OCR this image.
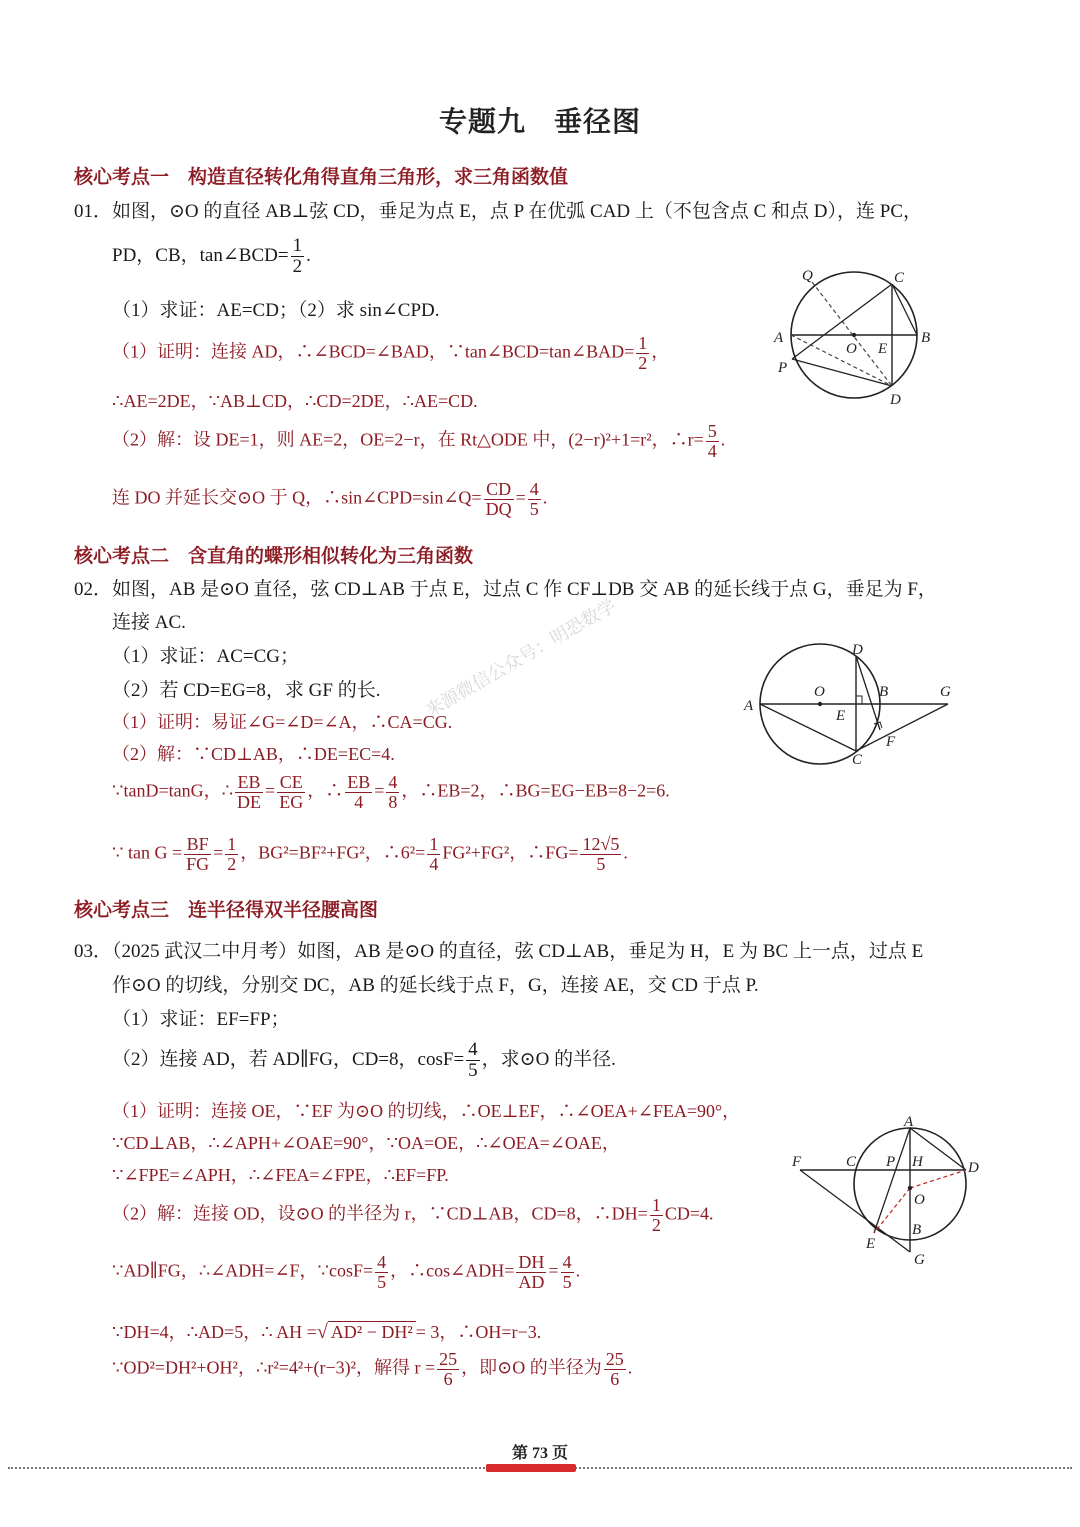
专题九 垂径图
来源微信公众号：明恐数学
核心考点一　构造直径转化角得直角三角形，求三角函数值
01．如图，⊙O 的直径 AB⊥弦 CD，垂足为点 E，点 P 在优弧 CAD 上（不包含点 C 和点 D），连 PC，
PD，CB，tan∠BCD= $\frac{1}{2}$ .
（1）求证：AE=CD；（2）求 sin∠CPD.
（1）证明：连接 AD，∴∠BCD=∠BAD，∵tan∠BCD=tan∠BAD= $\frac{1}{2}$ ，
∴AE=2DE，∵AB⊥CD，∴CD=2DE，∴AE=CD.
（2）解：设 DE=1，则 AE=2，OE=2−r，在 Rt△ODE 中，(2−r)²+1=r²，∴r= $\frac{5}{4}$ .
连 DO 并延长交⊙O 于 Q，∴sin∠CPD=sin∠Q= $\frac{CD}{DQ} = \frac{4}{5}$ .
Q	C
A	B
O E
P
D
核心考点二　含直角的蝶形相似转化为三角函数
02．如图，AB 是⊙O 直径，弦 CD⊥AB 于点 E，过点 C 作 CF⊥DB 交 AB 的延长线于点 G，垂足为 F，
连接 AC.
（1）求证：AC=CG；
（2）若 CD=EG=8，求 GF 的长.
（1）证明：易证∠G=∠D=∠A，∴CA=CG.
（2）解：∵CD⊥AB，∴DE=EC=4.
∵tanD=tanG，∴ $\frac{EB}{DE} = \frac{CE}{EG}$ ，∴ $\frac{EB}{4} = \frac{4}{8}$ ，∴EB=2，∴BG=EG−EB=8−2=6.
∵ $\tan G = \frac{BF}{FG} = \frac{1}{2}$ ，BG²=BF²+FG²，∴6²= $\frac{1}{4} FG^2+FG^2$，∴FG= $\frac{12√5}{5}$ .
D
O	B	G
A
E
F
C
核心考点三　连半径得双半径腰高图
03．（2025 武汉二中月考）如图，AB 是⊙O 的直径，弦 CD⊥AB，垂足为 H，E 为 BC 上一点，过点 E
作⊙O 的切线，分别交 DC，AB 的延长线于点 F，G，连接 AE，交 CD 于点 P.
（1）求证：EF=FP；
（2）连接 AD，若 AD∥FG，CD=8，$\cos F= \frac{4}{5}$ ，求⊙O 的半径.
（1）证明：连接 OE，∵EF 为⊙O 的切线，∴OE⊥EF，∴∠OEA+∠FEA=90°，
∵CD⊥AB，∴∠APH+∠OAE=90°，∵OA=OE，∴∠OEA=∠OAE，
∵∠FPE=∠APH，∴∠FEA=∠FPE，∴EF=FP.
（2）解：连接 OD，设⊙O 的半径为 r，∵CD⊥AB，CD=8，∴DH= $\frac{1}{2} CD=4$.
∵AD∥FG，∴∠ADH=∠F，∵cosF= $\frac{4}{5}$ ，∴cos∠ADH= $\frac{DH}{AD} = \frac{4}{5}$ .
∵DH=4，∴AD=5，∴ AH =√ AD² − DH² = 3，∴OH=r−3.
∵OD²=DH²+OH²，∴r²=4²+(r−3)²，解得 $r = \frac{25}{6}$ ，即⊙O 的半径为 $\frac{25}{6}$ .
A
F	C P H	D
O
B
E
G
第 73 页
